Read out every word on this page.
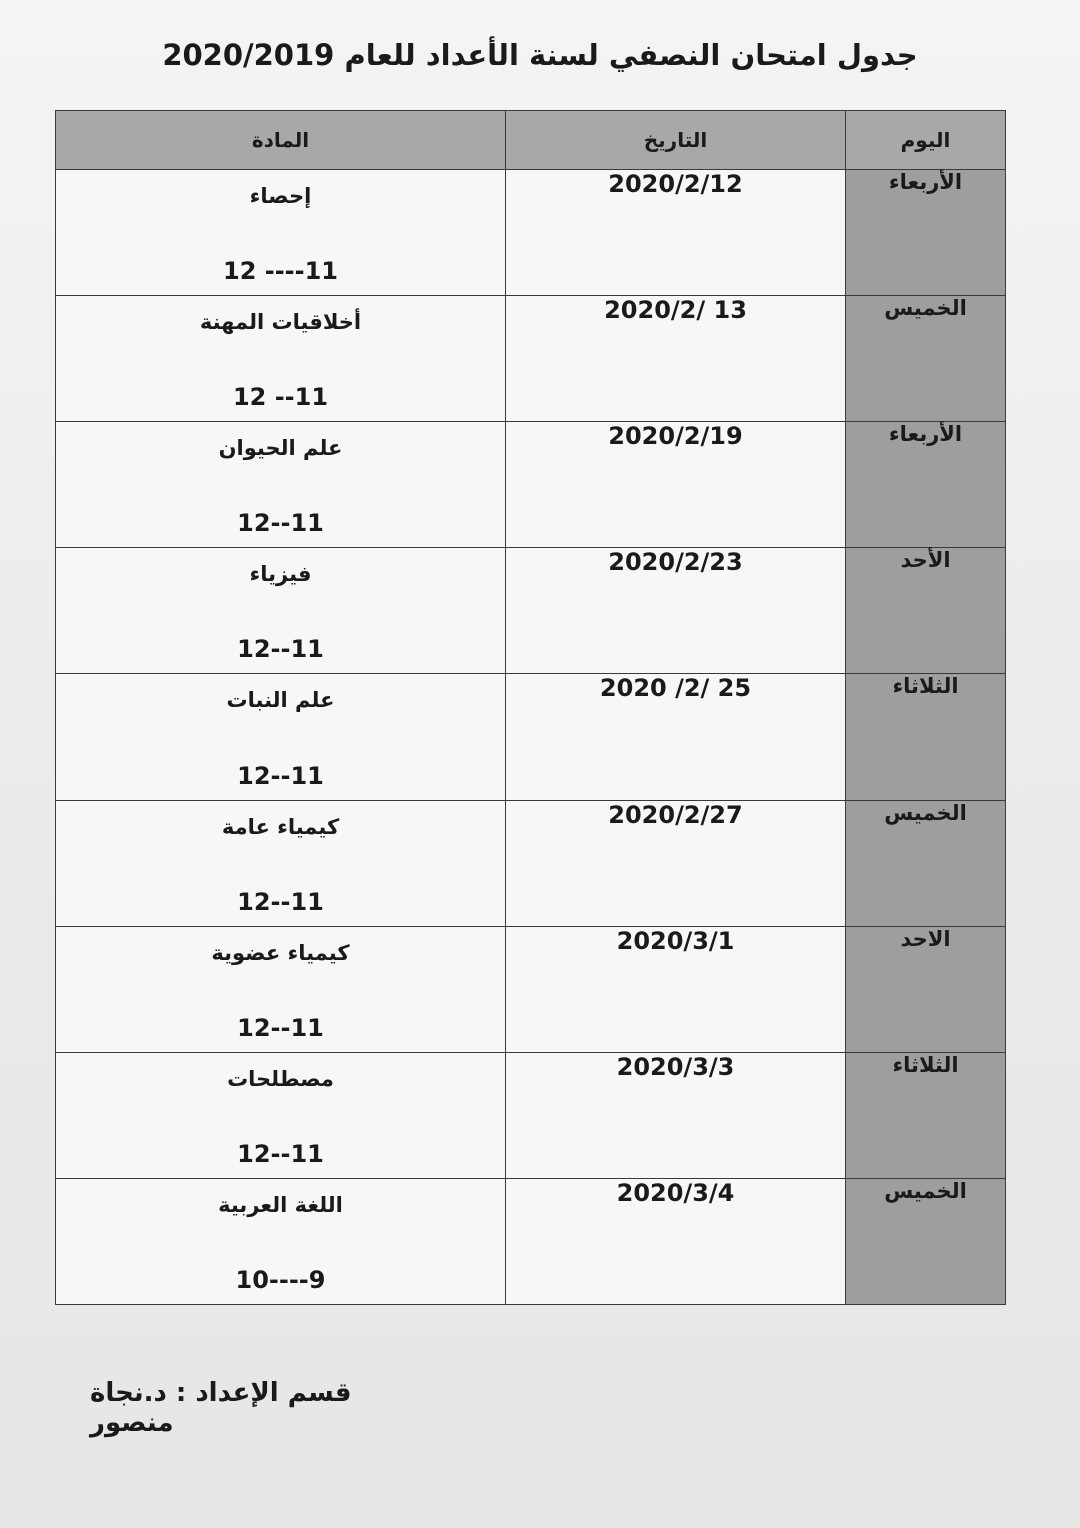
جدول امتحان النصفي لسنة الأعداد للعام 2020/2019
اليوم	التاريخ	المادة
الأربعاء	2020/2/12	إحصاء
12 ----11

الخميس	2020/2/ 13	أخلاقيات المهنة
12 --11

الأربعاء	2020/2/19	علم الحيوان
12--11

الأحد	2020/2/23	فيزياء
12--11

الثلاثاء	2020 /2/ 25	علم النبات
12--11

الخميس	2020/2/27	كيمياء عامة
12--11

الاحد	2020/3/1	كيمياء عضوية
12--11

الثلاثاء	2020/3/3	مصطلحات
12--11

الخميس	2020/3/4	اللغة العربية
10----9
قسم الإعداد : د.نجاة منصور
